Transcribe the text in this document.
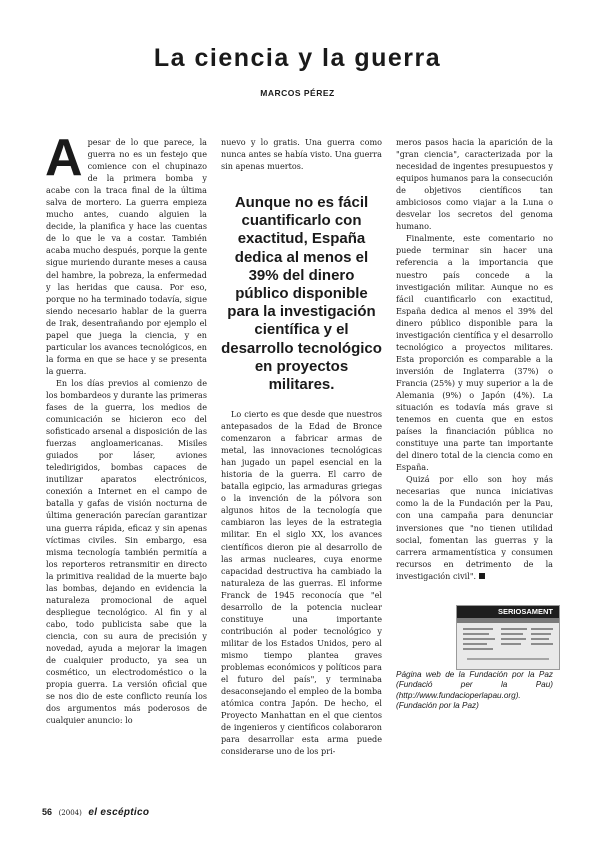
La ciencia y la guerra
MARCOS PÉREZ

Apesar de lo que parece, la guerra no es un festejo que comience con el chupinazo de la primera bomba y acabe con la traca final de la última salva de mortero. La guerra empieza mucho antes, cuando alguien la decide, la planifica y hace las cuentas de lo que le va a costar. También acaba mucho después, porque la gente sigue muriendo durante meses a causa del hambre, la pobreza, la enfermedad y las heridas que causa. Por eso, porque no ha terminado todavía, sigue siendo necesario hablar de la guerra de Irak, desentrañando por ejemplo el papel que juega la ciencia, y en particular los avances tecnológicos, en la forma en que se hace y se presenta la guerra.

En los días previos al comienzo de los bombardeos y durante las primeras fases de la guerra, los medios de comunicación se hicieron eco del sofisticado arsenal a disposición de las fuerzas angloamericanas. Misiles guiados por láser, aviones teledirigidos, bombas capaces de inutilizar aparatos electrónicos, conexión a Internet en el campo de batalla y gafas de visión nocturna de última generación parecían garantizar una guerra rápida, eficaz y sin apenas víctimas civiles. Sin embargo, esa misma tecnología también permitía a los reporteros retransmitir en directo la primitiva realidad de la muerte bajo las bombas, dejando en evidencia la naturaleza promocional de aquel despliegue tecnológico. Al fin y al cabo, todo publicista sabe que la ciencia, con su aura de precisión y novedad, ayuda a mejorar la imagen de cualquier producto, ya sea un cosmético, un electrodoméstico o la propia guerra. La versión oficial que se nos dio de este conflicto reunía los dos argumentos más poderosos de cualquier anuncio: lo

nuevo y lo gratis. Una guerra como nunca antes se había visto. Una guerra sin apenas muertos.

Lo cierto es que desde que nuestros antepasados de la Edad de Bronce comenzaron a fabricar armas de metal, las innovaciones tecnológicas han jugado un papel esencial en la historia de la guerra. El carro de batalla egipcio, las armaduras griegas o la invención de la pólvora son algunos hitos de la tecnología que cambiaron las leyes de la estrategia militar. En el siglo XX, los avances científicos dieron pie al desarrollo de las armas nucleares, cuya enorme capacidad destructiva ha cambiado la naturaleza de las guerras. El informe Franck de 1945 reconocía que "el desarrollo de la potencia nuclear constituye una importante contribución al poder tecnológico y militar de los Estados Unidos, pero al mismo tiempo plantea graves problemas económicos y políticos para el futuro del país", y terminaba desaconsejando el empleo de la bomba atómica contra Japón. De hecho, el Proyecto Manhattan en el que cientos de ingenieros y científicos colaboraron para desarrollar esta arma puede considerarse uno de los pri-

Aunque no es fácil cuantificarlo con exactitud, España dedica al menos el 39% del dinero público disponible para la investigación científica y el desarrollo tecnológico en proyectos militares.

meros pasos hacia la aparición de la "gran ciencia", caracterizada por la necesidad de ingentes presupuestos y equipos humanos para la consecución de objetivos científicos tan ambiciosos como viajar a la Luna o desvelar los secretos del genoma humano.

Finalmente, este comentario no puede terminar sin hacer una referencia a la importancia que nuestro país concede a la investigación militar. Aunque no es fácil cuantificarlo con exactitud, España dedica al menos el 39% del dinero público disponible para la investigación científica y el desarrollo tecnológico a proyectos militares. Esta proporción es comparable a la inversión de Inglaterra (37%) o Francia (25%) y muy superior a la de Alemania (9%) o Japón (4%). La situación es todavía más grave si tenemos en cuenta que en estos países la financiación pública no constituye una parte tan importante del dinero total de la ciencia como en España.

Quizá por ello son hoy más necesarias que nunca iniciativas como la de la Fundación per la Pau, con una campaña para denunciar inversiones que "no tienen utilidad social, fomentan las guerras y la carrera armamentística y consumen recursos en detrimento de la investigación civil".

SERIOSAMENT

Página web de la Fundación por la Paz (Fundació per la Pau) (http://www.fundacioperlapau.org). (Fundación por la Paz)

56 (2004) el escéptico
